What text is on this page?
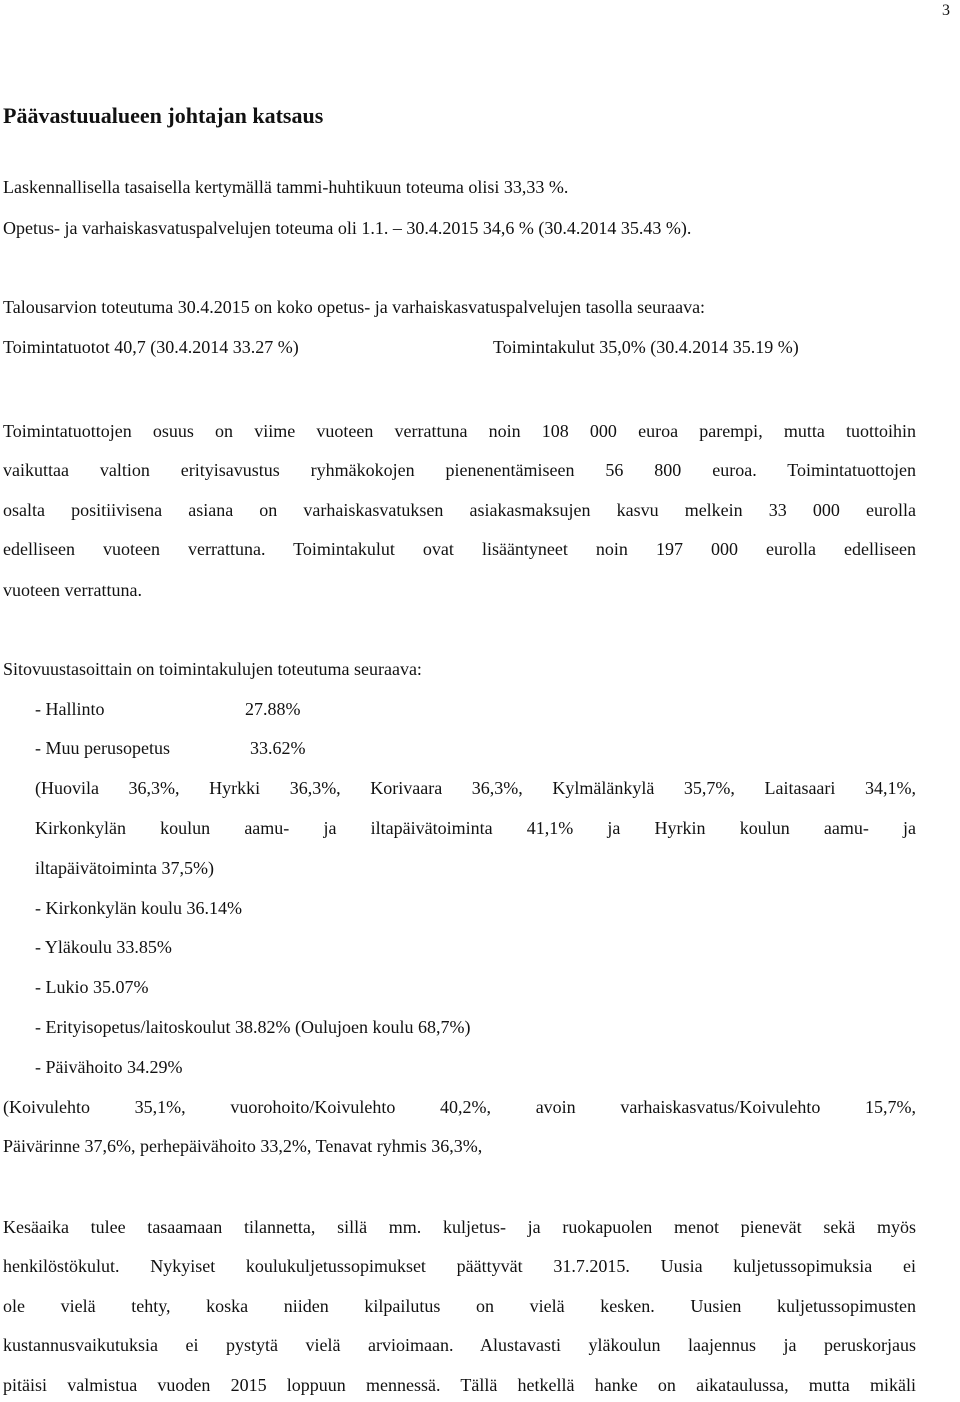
3
Päävastuualueen johtajan katsaus

Laskennallisella tasaisella kertymällä tammi-huhtikuun toteuma olisi 33,33 %.

Opetus- ja varhaiskasvatuspalvelujen toteuma oli 1.1. – 30.4.2015 34,6 % (30.4.2014 35.43 %).

Talousarvion toteutuma 30.4.2015 on koko opetus- ja varhaiskasvatuspalvelujen tasolla seuraava:

Toimintatuotot 40,7 (30.4.2014 33.27 %)	Toimintakulut 35,0% (30.4.2014 35.19 %)

Toimintatuottojen osuus on viime vuoteen verrattuna noin 108 000 euroa parempi, mutta tuottoihin

vaikuttaa valtion erityisavustus ryhmäkokojen pienenentämiseen 56 800 euroa. Toimintatuottojen

osalta positiivisena asiana on varhaiskasvatuksen asiakasmaksujen kasvu melkein 33 000 eurolla

edelliseen vuoteen verrattuna. Toimintakulut ovat lisääntyneet noin 197 000 eurolla edelliseen

vuoteen verrattuna.

Sitovuustasoittain on toimintakulujen toteutuma seuraava:

- Hallinto	27.88%

- Muu perusopetus	33.62%

(Huovila 36,3%, Hyrkki 36,3%, Korivaara 36,3%, Kylmälänkylä 35,7%, Laitasaari 34,1%,

Kirkonkylän koulun aamu- ja iltapäivätoiminta 41,1% ja Hyrkin koulun aamu- ja

iltapäivätoiminta 37,5%)

- Kirkonkylän koulu 36.14%

- Yläkoulu 33.85%

- Lukio 35.07%

- Erityisopetus/laitoskoulut 38.82% (Oulujoen koulu 68,7%)

- Päivähoito 34.29%

(Koivulehto 35,1%, vuorohoito/Koivulehto 40,2%, avoin varhaiskasvatus/Koivulehto 15,7%,

Päivärinne 37,6%, perhepäivähoito 33,2%, Tenavat ryhmis 36,3%,

Kesäaika tulee tasaamaan tilannetta, sillä mm. kuljetus- ja ruokapuolen menot pienevät sekä myös

henkilöstökulut. Nykyiset koulukuljetussopimukset päättyvät 31.7.2015. Uusia kuljetussopimuksia ei

ole vielä tehty, koska niiden kilpailutus on vielä kesken. Uusien kuljetussopimusten

kustannusvaikutuksia ei pystytä vielä arvioimaan. Alustavasti yläkoulun laajennus ja peruskorjaus

pitäisi valmistua vuoden 2015 loppuun mennessä. Tällä hetkellä hanke on aikataulussa, mutta mikäli
